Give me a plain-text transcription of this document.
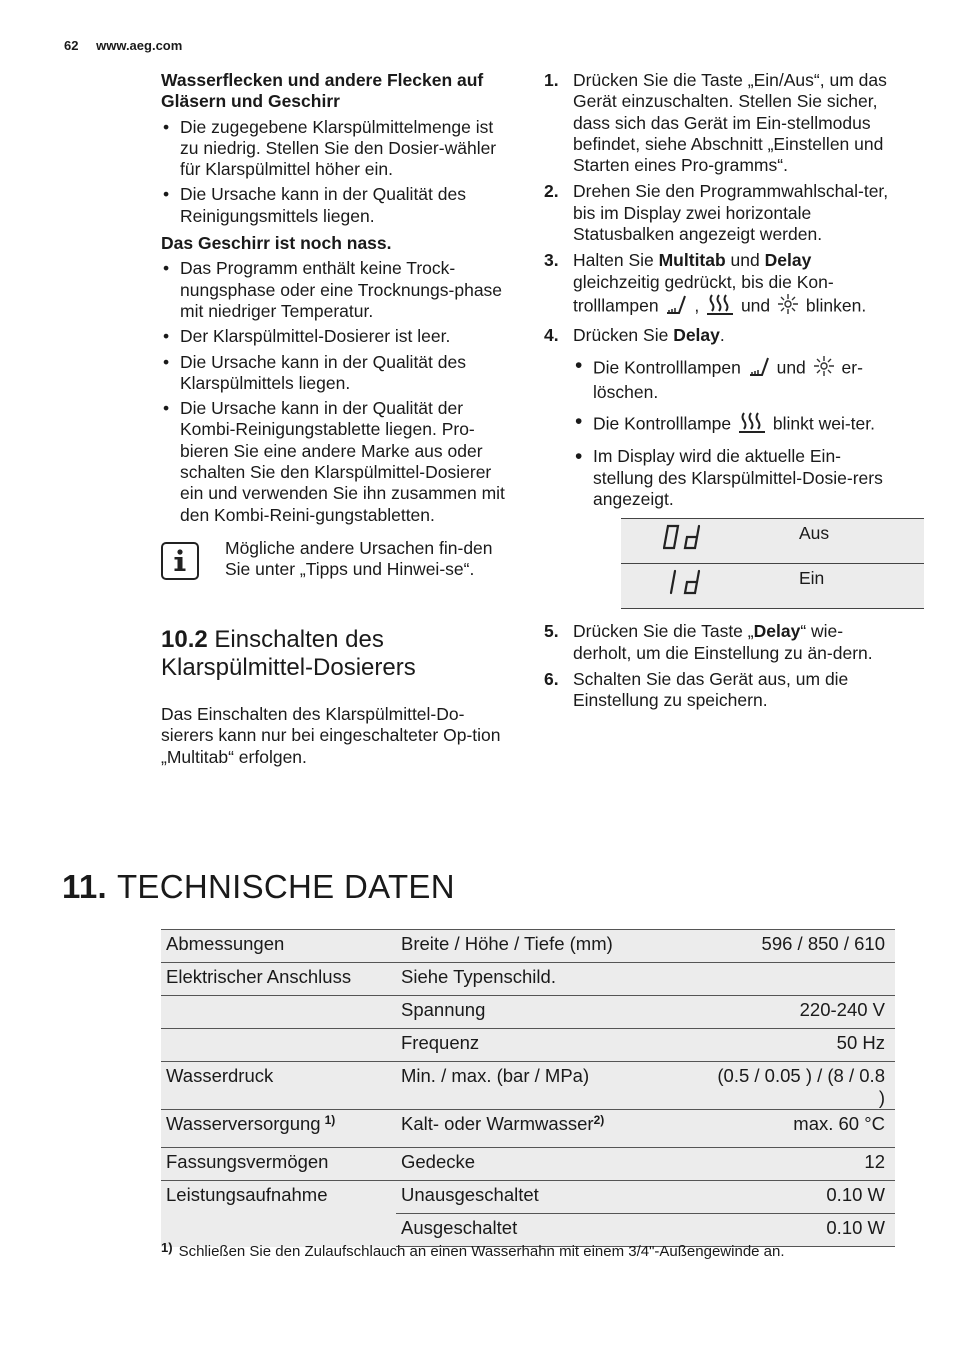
62 www.aeg.com
Wasserflecken und andere Flecken auf Gläsern und Geschirr
• Die zugegebene Klarspülmittelmenge ist zu niedrig. Stellen Sie den Dosier-wähler für Klarspülmittel höher ein.
• Die Ursache kann in der Qualität des Reinigungsmittels liegen.
Das Geschirr ist noch nass.
• Das Programm enthält keine Trock-nungsphase oder eine Trocknungs-phase mit niedriger Temperatur.
• Der Klarspülmittel-Dosierer ist leer.
• Die Ursache kann in der Qualität des Klarspülmittels liegen.
• Die Ursache kann in der Qualität der Kombi-Reinigungstablette liegen. Pro-bieren Sie eine andere Marke aus oder schalten Sie den Klarspülmittel-Dosierer ein und verwenden Sie ihn zusammen mit den Kombi-Reini-gungstabletten.
Mögliche andere Ursachen fin-den Sie unter „Tipps und Hinwei-se“.
10.2 Einschalten des Klarspülmittel-Dosierers
Das Einschalten des Klarspülmittel-Do-sierers kann nur bei eingeschalteter Op-tion „Multitab“ erfolgen.
1. Drücken Sie die Taste „Ein/Aus“, um das Gerät einzuschalten. Stellen Sie sicher, dass sich das Gerät im Ein-stellmodus befindet, siehe Abschnitt „Einstellen und Starten eines Pro-gramms“.
2. Drehen Sie den Programmwahlschal-ter, bis im Display zwei horizontale Statusbalken angezeigt werden.
3. Halten Sie Multitab und Delay gleichzeitig gedrückt, bis die Kon-trolllampen  ,  und  blinken.
4. Drücken Sie Delay.
• Die Kontrolllampen  und  er-löschen.
• Die Kontrolllampe  blinkt wei-ter.
• Im Display wird die aktuelle Ein-stellung des Klarspülmittel-Dosie-rers angezeigt.
	Aus
	Ein
5. Drücken Sie die Taste „Delay“ wie-derholt, um die Einstellung zu än-dern.
6. Schalten Sie das Gerät aus, um die Einstellung zu speichern.
11. TECHNISCHE DATEN
Abmessungen	Breite / Höhe / Tiefe (mm)	596 / 850 / 610
Elektrischer Anschluss	Siehe Typenschild.	
	Spannung	220-240 V
	Frequenz	50 Hz
Wasserdruck	Min. / max. (bar / MPa)	(0.5 / 0.05 ) / (8 / 0.8 )
Wasserversorgung $^{1)}$	Kalt- oder Warmwasser$^{2)}$	max. 60 °C
Fassungsvermögen	Gedecke	12
Leistungsaufnahme	Unausgeschaltet	0.10 W
	Ausgeschaltet	0.10 W
$^{1)}$ Schließen Sie den Zulaufschlauch an einen Wasserhahn mit einem 3/4"-Außengewinde an.
